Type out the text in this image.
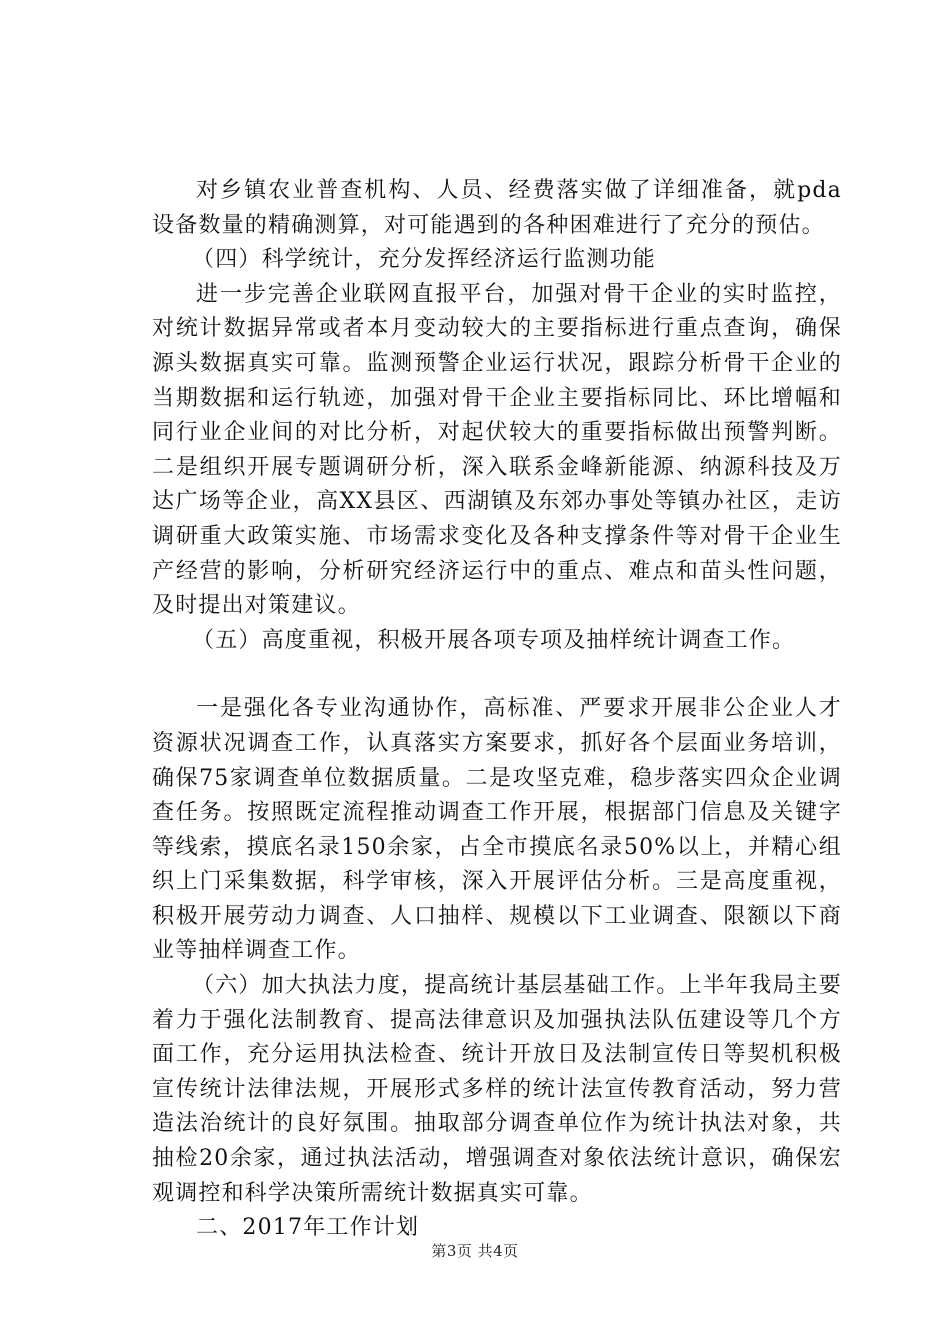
对乡镇农业普查机构、人员、经费落实做了详细准备，就pda设备数量的精确测算，对可能遇到的各种困难进行了充分的预估。

（四）科学统计，充分发挥经济运行监测功能

进一步完善企业联网直报平台，加强对骨干企业的实时监控，对统计数据异常或者本月变动较大的主要指标进行重点查询，确保源头数据真实可靠。监测预警企业运行状况，跟踪分析骨干企业的当期数据和运行轨迹，加强对骨干企业主要指标同比、环比增幅和同行业企业间的对比分析，对起伏较大的重要指标做出预警判断。二是组织开展专题调研分析，深入联系金峰新能源、纳源科技及万达广场等企业，高XX县区、西湖镇及东郊办事处等镇办社区，走访调研重大政策实施、市场需求变化及各种支撑条件等对骨干企业生产经营的影响，分析研究经济运行中的重点、难点和苗头性问题，及时提出对策建议。

（五）高度重视，积极开展各项专项及抽样统计调查工作。

一是强化各专业沟通协作，高标准、严要求开展非公企业人才资源状况调查工作，认真落实方案要求，抓好各个层面业务培训，确保75家调查单位数据质量。二是攻坚克难，稳步落实四众企业调查任务。按照既定流程推动调查工作开展，根据部门信息及关键字等线索，摸底名录150余家，占全市摸底名录50%以上，并精心组织上门采集数据，科学审核，深入开展评估分析。三是高度重视，积极开展劳动力调查、人口抽样、规模以下工业调查、限额以下商业等抽样调查工作。

（六）加大执法力度，提高统计基层基础工作。上半年我局主要着力于强化法制教育、提高法律意识及加强执法队伍建设等几个方面工作，充分运用执法检查、统计开放日及法制宣传日等契机积极宣传统计法律法规，开展形式多样的统计法宣传教育活动，努力营造法治统计的良好氛围。抽取部分调查单位作为统计执法对象，共抽检20余家，通过执法活动，增强调查对象依法统计意识，确保宏观调控和科学决策所需统计数据真实可靠。

二、2017年工作计划

第3页 共4页
